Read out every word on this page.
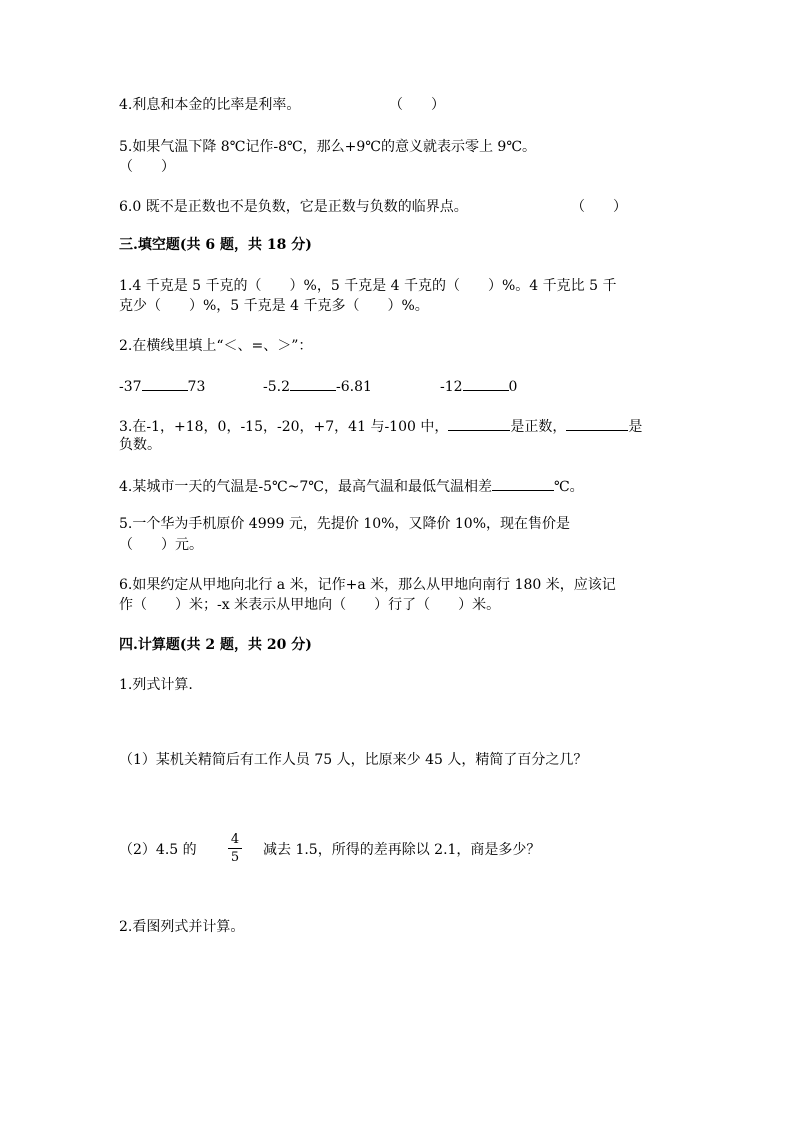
4.利息和本金的比率是利率。	（　　）
5.如果气温下降 8℃记作-8℃，那么+9℃的意义就表示零上 9℃。
（　　）
6.0 既不是正数也不是负数，它是正数与负数的临界点。	（　　）
三.填空题(共 6 题，共 18 分)
1.4 千克是 5 千克的（　　）%，5 千克是 4 千克的（　　）%。4 千克比 5 千
克少（　　）%，5 千克是 4 千克多（　　）%。
2.在横线里填上“＜、=、＞”：
-37	73	-5.2	-6.81	-12	0
3.在-1，+18，0，-15，-20，+7，41 与-100 中，	是正数，	是
负数。
4.某城市一天的气温是-5℃~7℃，最高气温和最低气温相差	℃。
5.一个华为手机原价 4999 元，先提价 10%，又降价 10%，现在售价是
（　　）元。
6.如果约定从甲地向北行 a 米，记作+a 米，那么从甲地向南行 180 米，应该记
作（　　）米；-x 米表示从甲地向（　　）行了（　　）米。
四.计算题(共 2 题，共 20 分)
1.列式计算.
（1）某机关精简后有工作人员 75 人，比原来少 45 人，精简了百分之几？
（2）4.5 的	减去 1.5，所得的差再除以 2.1，商是多少？
4
5
2.看图列式并计算。
